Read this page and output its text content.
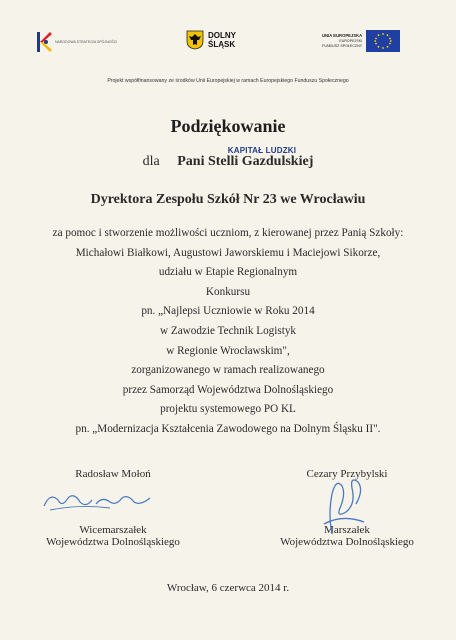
KAPITAŁ LUDZKI
NARODOWA STRATEGIA SPÓJNOŚCI
DOLNY
ŚLĄSK
UNIA EUROPEJSKA
EUROPEJSKI
FUNDUSZ SPOŁECZNY
Projekt współfinansowany ze środków Unii Europejskiej w ramach Europejskiego Funduszu Społecznego
Podziękowanie
dla Pani Stelli Gazdulskiej
Dyrektora Zespołu Szkół Nr 23 we Wrocławiu
za pomoc i stworzenie możliwości uczniom, z kierowanej przez Panią Szkoły:
Michałowi Białkowi, Augustowi Jaworskiemu i Maciejowi Sikorze,
udziału w Etapie Regionalnym
Konkursu
pn. „Najlepsi Uczniowie w Roku 2014
w Zawodzie Technik Logistyk
w Regionie Wrocławskim",
zorganizowanego w ramach realizowanego
przez Samorząd Województwa Dolnośląskiego
projektu systemowego PO KL
pn. „Modernizacja Kształcenia Zawodowego na Dolnym Śląsku II".
Radosław Mołoń
Wicemarszałek
Województwa Dolnośląskiego
Cezary Przybylski
Marszałek
Województwa Dolnośląskiego
Wrocław, 6 czerwca 2014 r.
